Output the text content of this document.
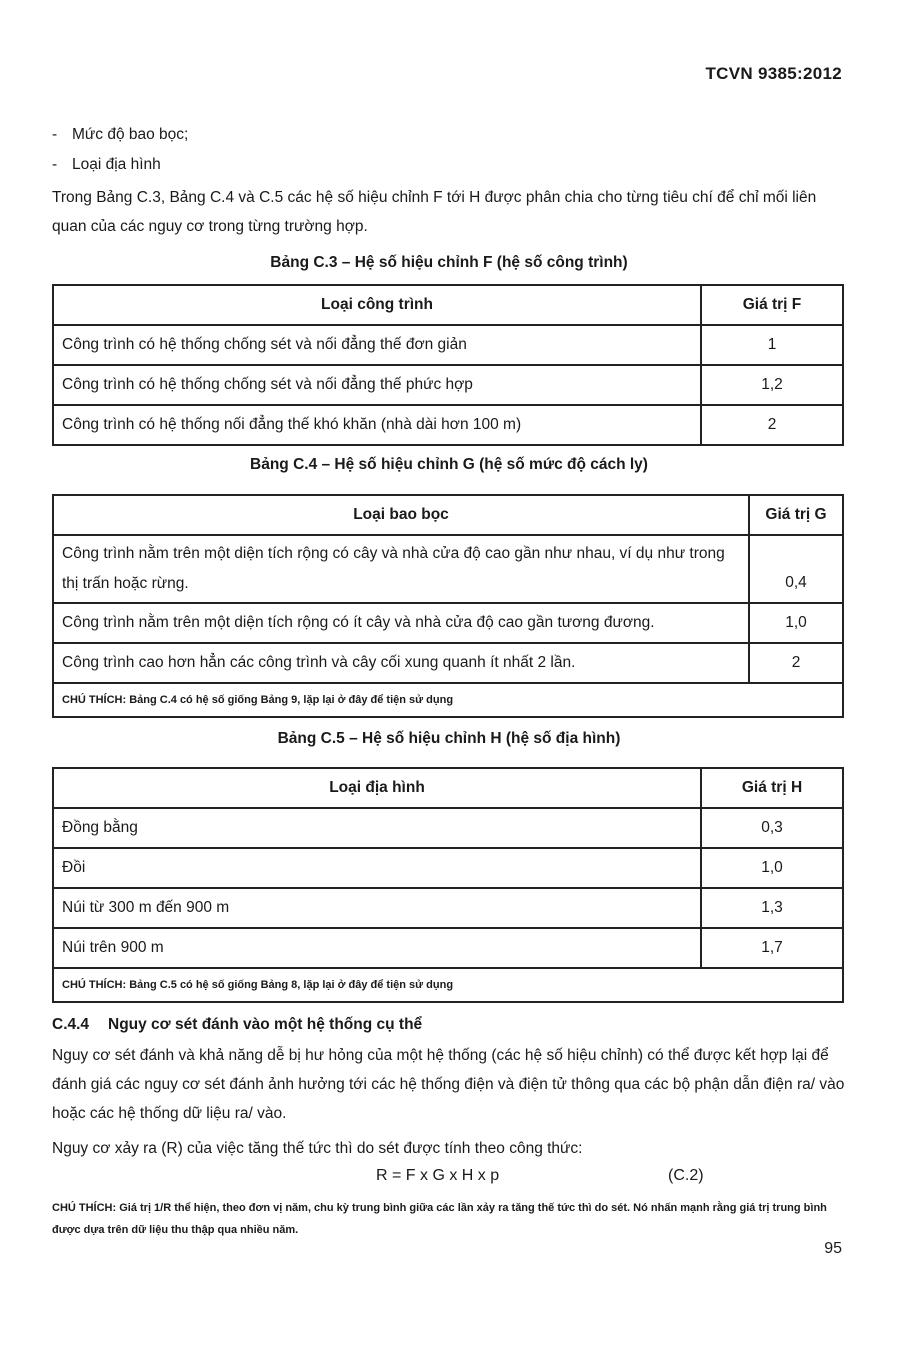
TCVN 9385:2012
- Mức độ bao bọc;
- Loại địa hình
Trong Bảng C.3, Bảng C.4 và C.5 các hệ số hiệu chỉnh F tới H được phân chia cho từng tiêu chí để chỉ mối liên quan của các nguy cơ trong từng trường hợp.
Bảng C.3 – Hệ số hiệu chỉnh F (hệ số công trình)
Loại công trình	Giá trị F
Công trình có hệ thống chống sét và nối đẳng thế đơn giản	1
Công trình có hệ thống chống sét và nối đẳng thế phức hợp	1,2
Công trình có hệ thống nối đẳng thế khó khăn (nhà dài hơn 100 m)	2
Bảng C.4 – Hệ số hiệu chỉnh G (hệ số mức độ cách ly)
Loại bao bọc	Giá trị G
Công trình nằm trên một diện tích rộng có cây và nhà cửa độ cao gần như nhau, ví dụ như trong thị trấn hoặc rừng.	0,4
Công trình nằm trên một diện tích rộng có ít cây và nhà cửa độ cao gần tương đương.	1,0
Công trình cao hơn hẳn các công trình và cây cối xung quanh ít nhất 2 lần.	2
CHÚ THÍCH: Bảng C.4 có hệ số giống Bảng 9, lặp lại ở đây để tiện sử dụng	
Bảng C.5 – Hệ số hiệu chỉnh H (hệ số địa hình)
Loại địa hình	Giá trị H
Đồng bằng	0,3
Đồi	1,0
Núi từ 300 m đến 900 m	1,3
Núi trên 900 m	1,7
CHÚ THÍCH: Bảng C.5 có hệ số giống Bảng 8, lặp lại ở đây để tiện sử dụng	
C.4.4 Nguy cơ sét đánh vào một hệ thống cụ thể
Nguy cơ sét đánh và khả năng dễ bị hư hỏng của một hệ thống (các hệ số hiệu chỉnh) có thể được kết hợp lại để đánh giá các nguy cơ sét đánh ảnh hưởng tới các hệ thống điện và điện tử thông qua các bộ phận dẫn điện ra/ vào hoặc các hệ thống dữ liệu ra/ vào.
Nguy cơ xảy ra (R) của việc tăng thế tức thì do sét được tính theo công thức:
R = F x G x H x p	(C.2)
CHÚ THÍCH: Giá trị 1/R thể hiện, theo đơn vị năm, chu kỳ trung bình giữa các lần xảy ra tăng thế tức thì do sét. Nó nhấn mạnh rằng giá trị trung bình được dựa trên dữ liệu thu thập qua nhiều năm.
95
